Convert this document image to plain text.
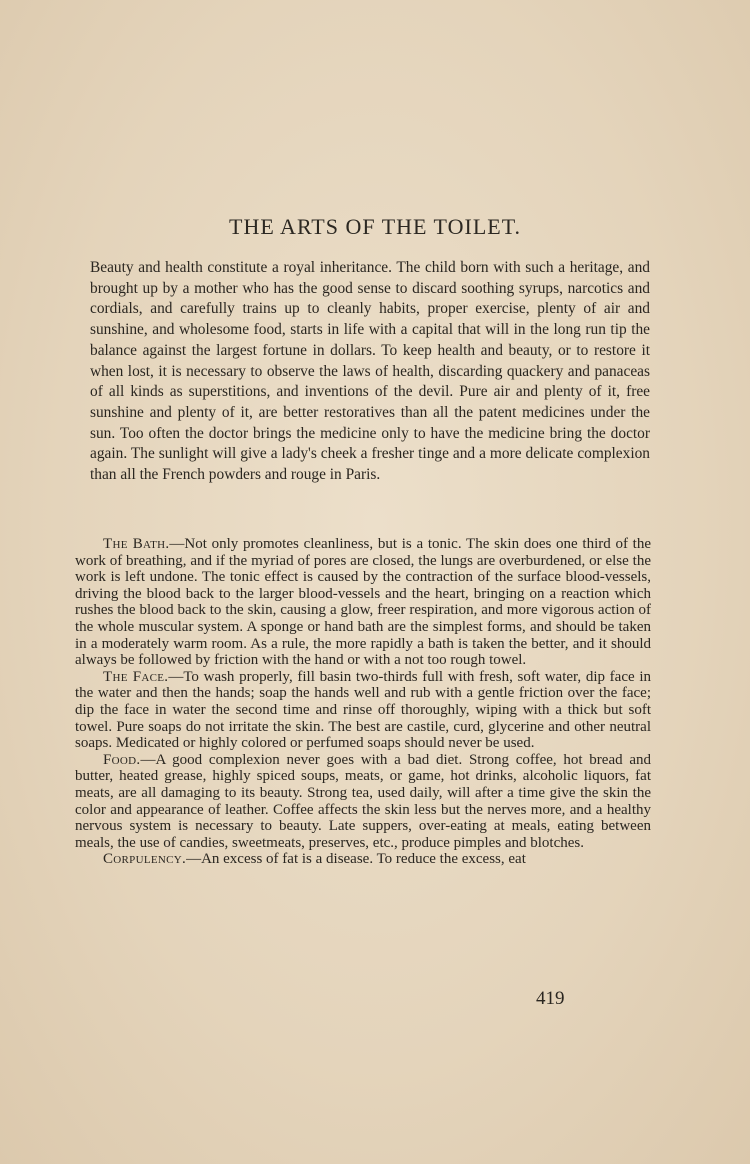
THE ARTS OF THE TOILET.

Beauty and health constitute a royal inheritance. The child born with such a heritage, and brought up by a mother who has the good sense to discard soothing syrups, narcotics and cordials, and carefully trains up to cleanly habits, proper exercise, plenty of air and sunshine, and wholesome food, starts in life with a capital that will in the long run tip the balance against the largest fortune in dollars. To keep health and beauty, or to restore it when lost, it is necessary to observe the laws of health, discarding quackery and panaceas of all kinds as superstitions, and inventions of the devil. Pure air and plenty of it, free sunshine and plenty of it, are better restoratives than all the patent medicines under the sun. Too often the doctor brings the medicine only to have the medicine bring the doctor again. The sunlight will give a lady's cheek a fresher tinge and a more delicate complexion than all the French powders and rouge in Paris.

The Bath.—Not only promotes cleanliness, but is a tonic. The skin does one third of the work of breathing, and if the myriad of pores are closed, the lungs are overburdened, or else the work is left undone. The tonic effect is caused by the contraction of the surface blood-vessels, driving the blood back to the larger blood-vessels and the heart, bringing on a reaction which rushes the blood back to the skin, causing a glow, freer respiration, and more vigorous action of the whole muscular system. A sponge or hand bath are the simplest forms, and should be taken in a moderately warm room. As a rule, the more rapidly a bath is taken the better, and it should always be followed by friction with the hand or with a not too rough towel.

The Face.—To wash properly, fill basin two-thirds full with fresh, soft water, dip face in the water and then the hands; soap the hands well and rub with a gentle friction over the face; dip the face in water the second time and rinse off thoroughly, wiping with a thick but soft towel. Pure soaps do not irritate the skin. The best are castile, curd, glycerine and other neutral soaps. Medicated or highly colored or perfumed soaps should never be used.

Food.—A good complexion never goes with a bad diet. Strong coffee, hot bread and butter, heated grease, highly spiced soups, meats, or game, hot drinks, alcoholic liquors, fat meats, are all damaging to its beauty. Strong tea, used daily, will after a time give the skin the color and appearance of leather. Coffee affects the skin less but the nerves more, and a healthy nervous system is necessary to beauty. Late suppers, over-eating at meals, eating between meals, the use of candies, sweetmeats, preserves, etc., produce pimples and blotches.

Corpulency.—An excess of fat is a disease. To reduce the excess, eat

419
